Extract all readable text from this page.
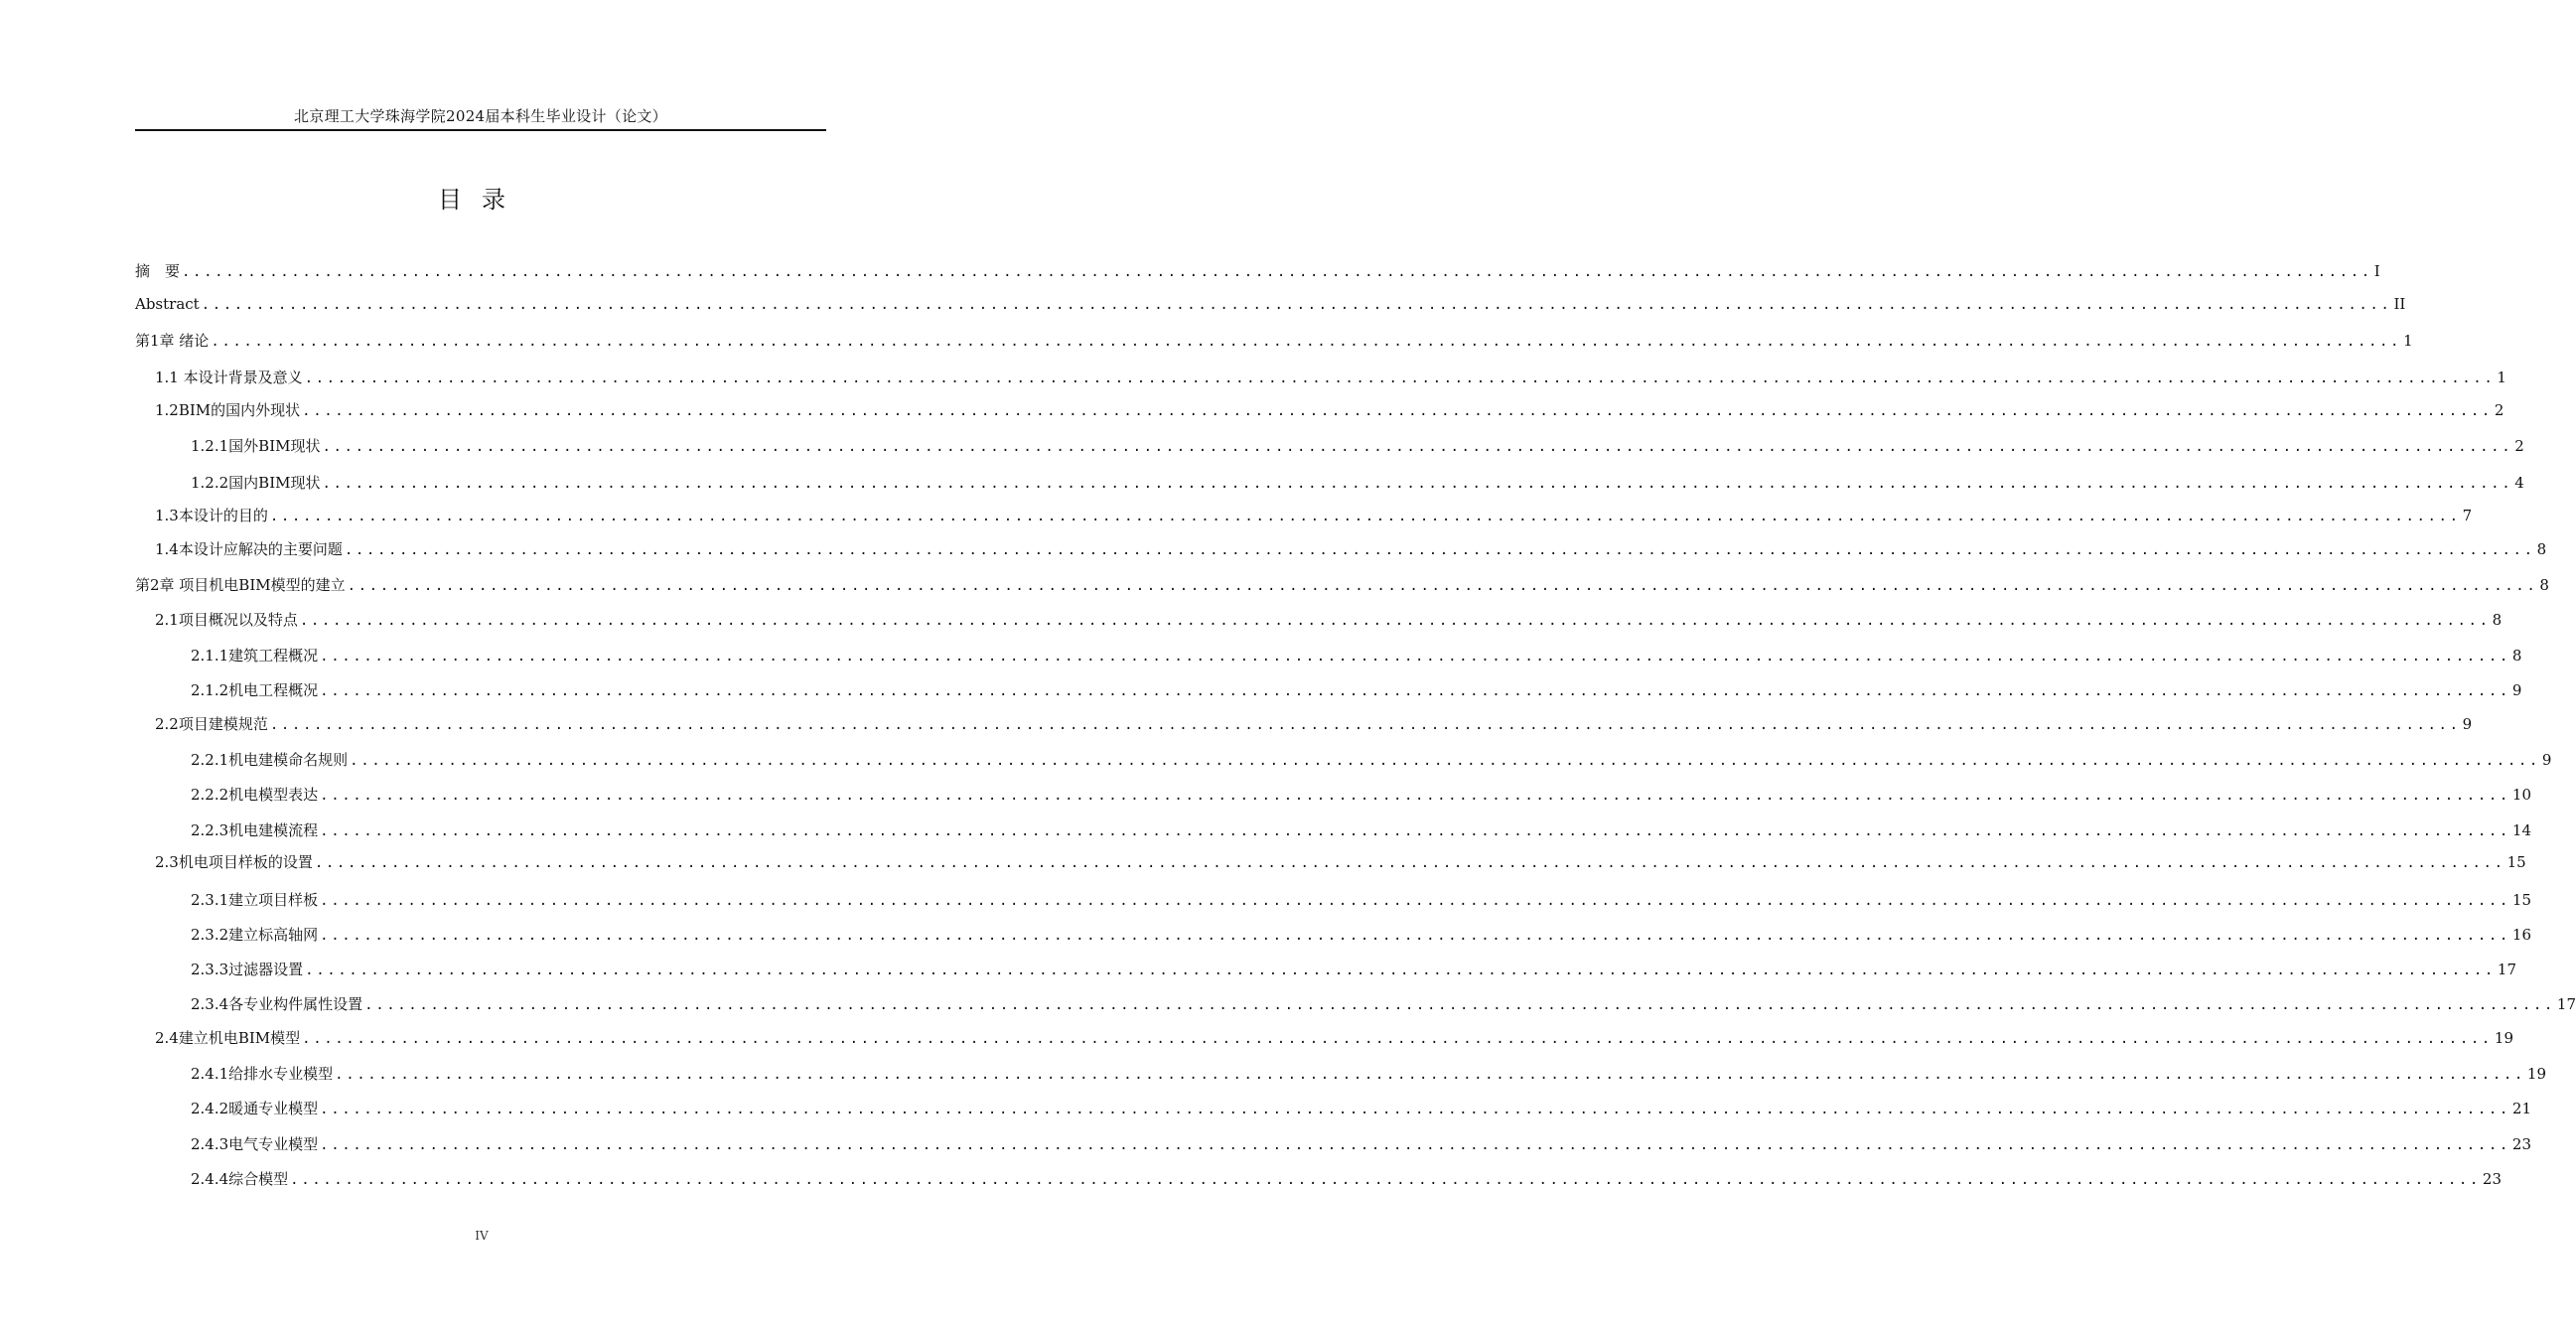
北京理工大学珠海学院2024届本科生毕业设计（论文）
目录
摘　要 ........................................................................................................................................................................................................ I
Abstract ........................................................................................................................................................................................................ II
第1章 绪论 ........................................................................................................................................................................................................ 1
1.1 本设计背景及意义 ........................................................................................................................................................................................................ 1
1.2BIM的国内外现状 ........................................................................................................................................................................................................ 2
1.2.1国外BIM现状 ........................................................................................................................................................................................................ 2
1.2.2国内BIM现状 ........................................................................................................................................................................................................ 4
1.3本设计的目的 ........................................................................................................................................................................................................ 7
1.4本设计应解决的主要问题 ........................................................................................................................................................................................................ 8
第2章 项目机电BIM模型的建立 ........................................................................................................................................................................................................ 8
2.1项目概况以及特点 ........................................................................................................................................................................................................ 8
2.1.1建筑工程概况 ........................................................................................................................................................................................................ 8
2.1.2机电工程概况 ........................................................................................................................................................................................................ 9
2.2项目建模规范 ........................................................................................................................................................................................................ 9
2.2.1机电建模命名规则 ........................................................................................................................................................................................................ 9
2.2.2机电模型表达 ........................................................................................................................................................................................................ 10
2.2.3机电建模流程 ........................................................................................................................................................................................................ 14
2.3机电项目样板的设置 ........................................................................................................................................................................................................ 15
2.3.1建立项目样板 ........................................................................................................................................................................................................ 15
2.3.2建立标高轴网 ........................................................................................................................................................................................................ 16
2.3.3过滤器设置 ........................................................................................................................................................................................................ 17
2.3.4各专业构件属性设置 ........................................................................................................................................................................................................ 17
2.4建立机电BIM模型 ........................................................................................................................................................................................................ 19
2.4.1给排水专业模型 ........................................................................................................................................................................................................ 19
2.4.2暖通专业模型 ........................................................................................................................................................................................................ 21
2.4.3电气专业模型 ........................................................................................................................................................................................................ 23
2.4.4综合模型 ........................................................................................................................................................................................................ 23
IV
